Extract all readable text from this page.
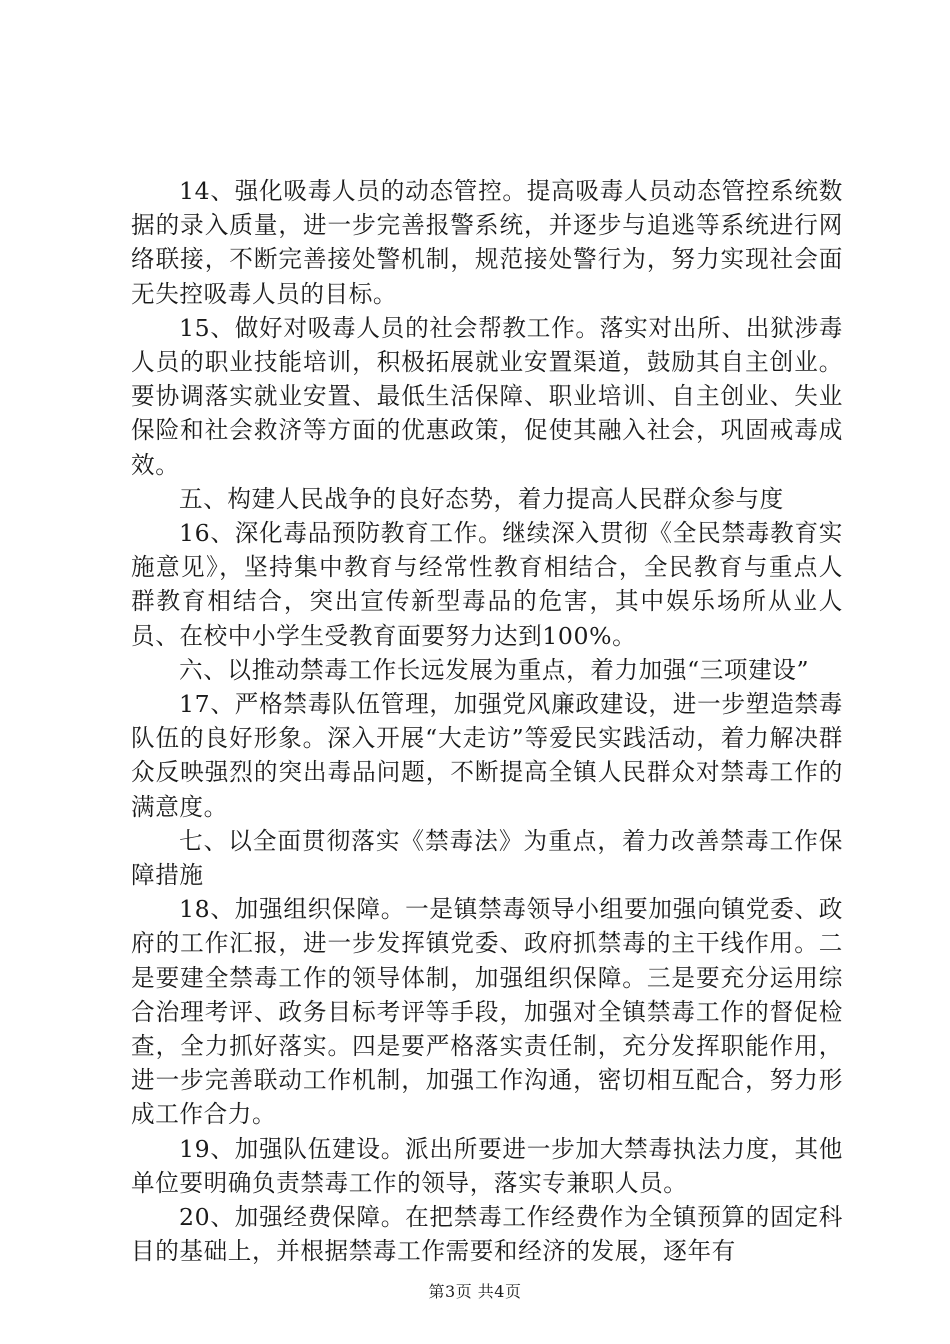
14、强化吸毒人员的动态管控。提高吸毒人员动态管控系统数据的录入质量，进一步完善报警系统，并逐步与追逃等系统进行网络联接，不断完善接处警机制，规范接处警行为，努力实现社会面无失控吸毒人员的目标。

15、做好对吸毒人员的社会帮教工作。落实对出所、出狱涉毒人员的职业技能培训，积极拓展就业安置渠道，鼓励其自主创业。要协调落实就业安置、最低生活保障、职业培训、自主创业、失业保险和社会救济等方面的优惠政策，促使其融入社会，巩固戒毒成效。

五、构建人民战争的良好态势，着力提高人民群众参与度

16、深化毒品预防教育工作。继续深入贯彻《全民禁毒教育实施意见》，坚持集中教育与经常性教育相结合，全民教育与重点人群教育相结合，突出宣传新型毒品的危害，其中娱乐场所从业人员、在校中小学生受教育面要努力达到100%。

六、以推动禁毒工作长远发展为重点，着力加强“三项建设”

17、严格禁毒队伍管理，加强党风廉政建设，进一步塑造禁毒队伍的良好形象。深入开展“大走访”等爱民实践活动，着力解决群众反映强烈的突出毒品问题，不断提高全镇人民群众对禁毒工作的满意度。

七、以全面贯彻落实《禁毒法》为重点，着力改善禁毒工作保障措施

18、加强组织保障。一是镇禁毒领导小组要加强向镇党委、政府的工作汇报，进一步发挥镇党委、政府抓禁毒的主干线作用。二是要建全禁毒工作的领导体制，加强组织保障。三是要充分运用综合治理考评、政务目标考评等手段，加强对全镇禁毒工作的督促检查，全力抓好落实。四是要严格落实责任制，充分发挥职能作用，进一步完善联动工作机制，加强工作沟通，密切相互配合，努力形成工作合力。

19、加强队伍建设。派出所要进一步加大禁毒执法力度，其他单位要明确负责禁毒工作的领导，落实专兼职人员。

20、加强经费保障。在把禁毒工作经费作为全镇预算的固定科目的基础上，并根据禁毒工作需要和经济的发展，逐年有

第3页 共4页
